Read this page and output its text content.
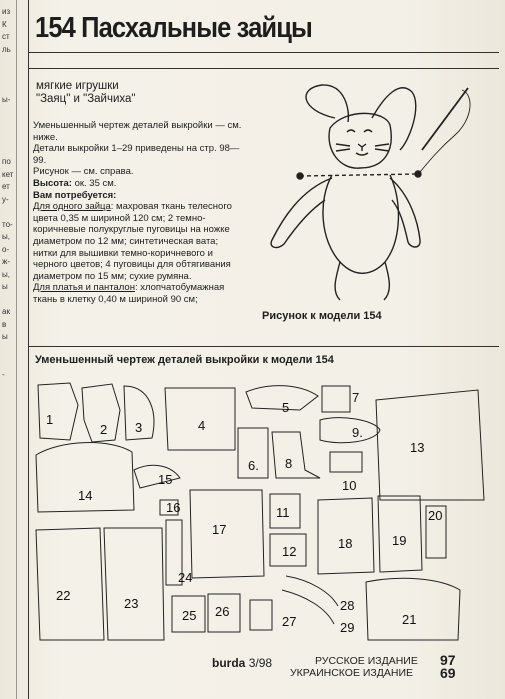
из
К
ст
ль
ы-
по
кет
ет
у-
то-
ы,
о-
ж-
ы,
ы
ак
в
ы
-
154 Пасхальные зайцы
мягкие игрушки
"Заяц" и "Зайчиха"

Уменьшенный чертеж деталей выкройки — см. ниже.

Детали выкройки 1–29 приведены на стр. 98—99.

Рисунок — см. справа.

Высота: ок. 35 см.

Вам потребуется:

Для одного зайца: махровая ткань телесного цвета 0,35 м шириной 120 см; 2 темно-коричневые полукруглые пуговицы на ножке диаметром по 12 мм; синтетическая вата; нитки для вышивки темно-коричневого и черного цветов; 4 пуговицы для обтягивания диаметром по 15 мм; сухие румяна.

Для платья и панталон: хлопчатобумажная ткань в клетку 0,40 м шириной 90 см;

Рисунок к модели 154
Уменьшенный чертеж деталей выкройки к модели 154
1
2 3	4
5
6.
7
8
9.
10
11
12
13
14
15
16
17
18	19
20
21
22
23
24
25 26
27
28
29
burda 3/98	РУССКОЕ ИЗДАНИЕ 97
УКРАИНСКОЕ ИЗДАНИЕ 69
